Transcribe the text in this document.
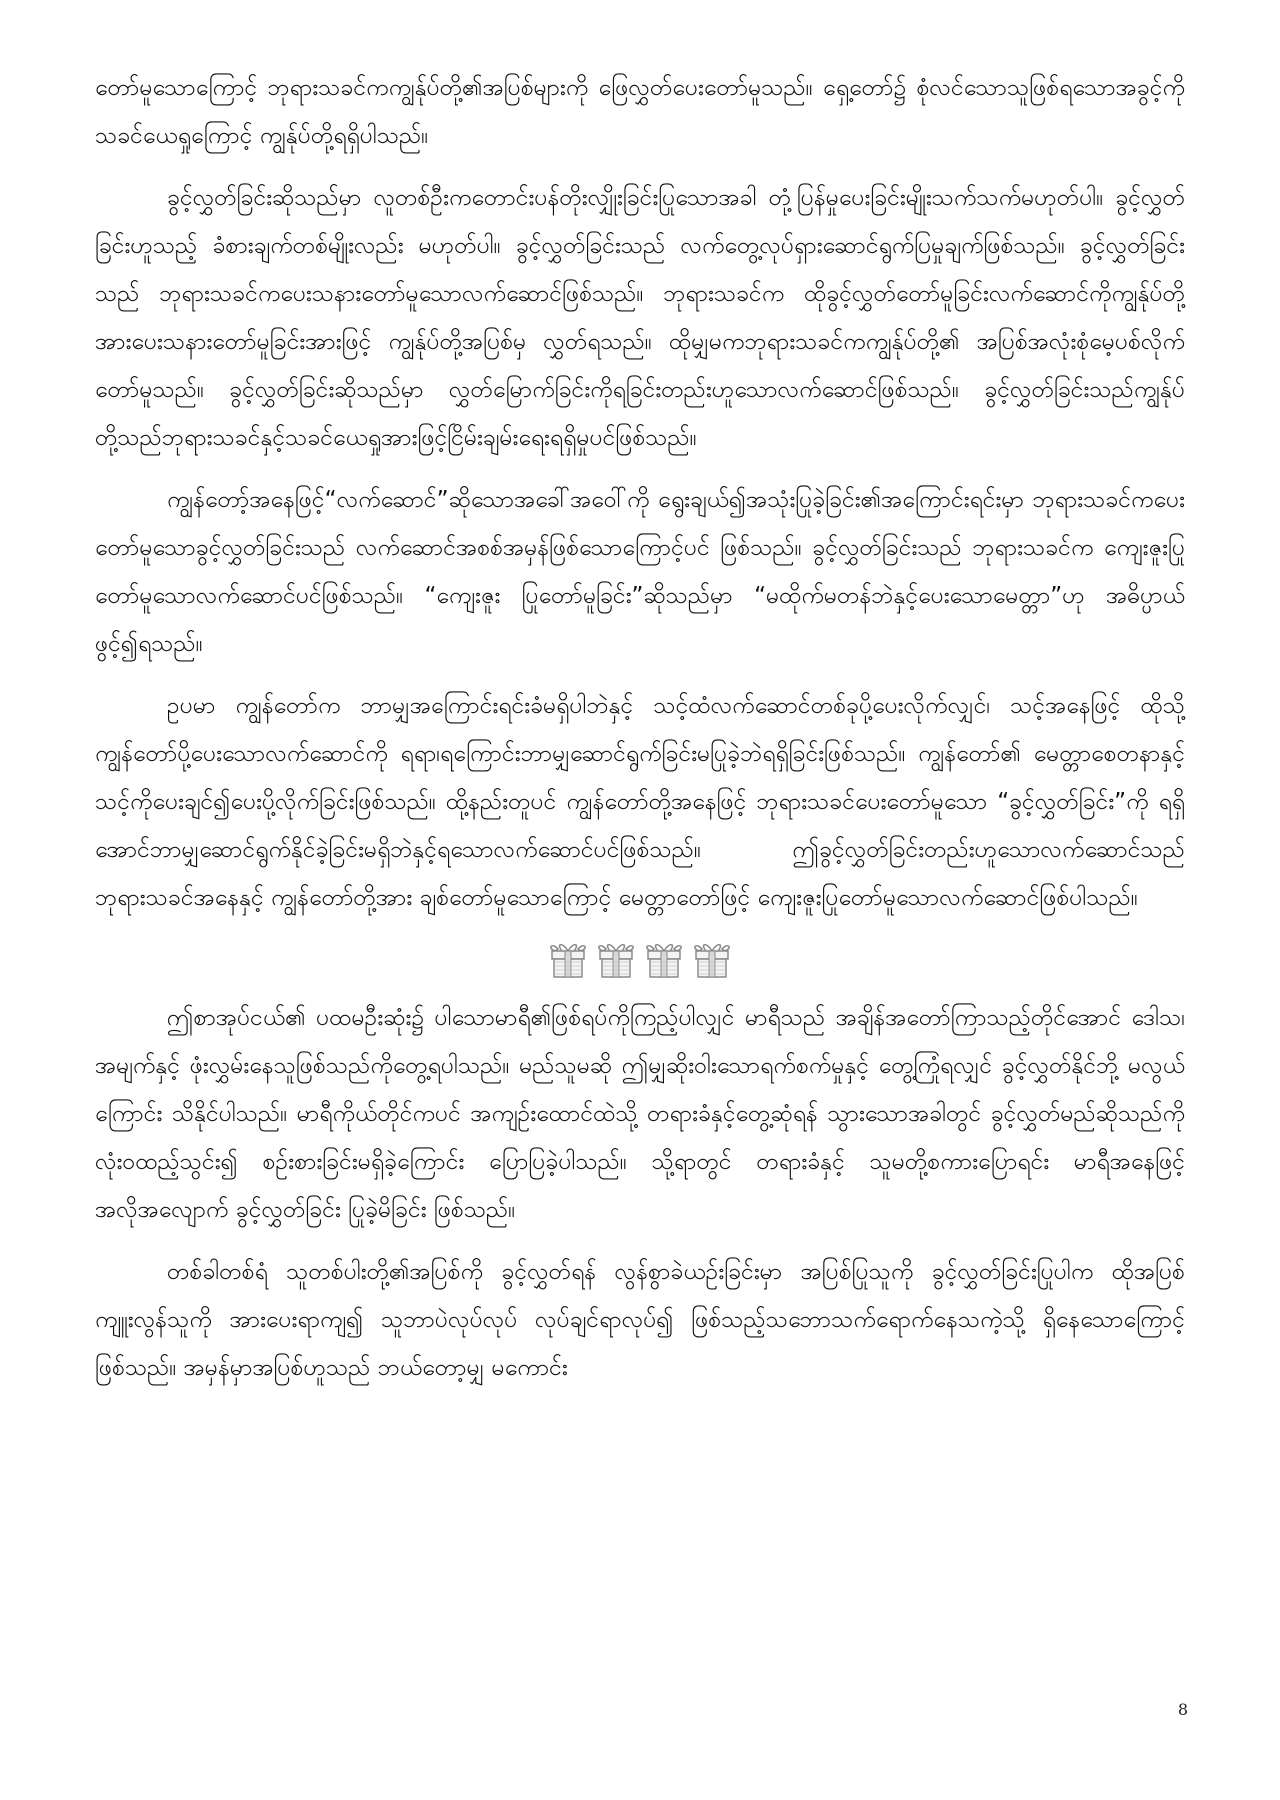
တော်မူသောကြောင့် ဘုရားသခင်ကကျွန်ုပ်တို့၏အပြစ်များကို ဖြေလွှတ်ပေးတော်မူသည်။ ရှေ့တော်၌ စုံလင်သောသူဖြစ်ရသောအခွင့်ကို သခင်ယေရှုကြောင့် ကျွန်ုပ်တို့ရရှိပါသည်။

ခွင့်လွှတ်ခြင်းဆိုသည်မှာ လူတစ်ဦးကတောင်းပန်တိုးလျှိုးခြင်းပြုသောအခါ တုံ့ပြန်မှုပေးခြင်းမျိုးသက်သက်မဟုတ်ပါ။ ခွင့်လွှတ်ခြင်းဟူသည့် ခံစားချက်တစ်မျိုးလည်း မဟုတ်ပါ။ ခွင့်လွှတ်ခြင်းသည် လက်တွေ့လုပ်ရှားဆောင်ရွက်ပြမှုချက်ဖြစ်သည်။ ခွင့်လွှတ်ခြင်းသည် ဘုရားသခင်ကပေးသနားတော်မူသောလက်ဆောင်ဖြစ်သည်။ ဘုရားသခင်က ထိုခွင့်လွှတ်တော်မူခြင်းလက်ဆောင်ကိုကျွန်ုပ်တို့အားပေးသနားတော်မူခြင်းအားဖြင့် ကျွန်ုပ်တို့အပြစ်မှ လွှတ်ရသည်။ ထိုမျှမကဘုရားသခင်ကကျွန်ုပ်တို့၏ အပြစ်အလုံးစုံမေ့ပစ်လိုက်တော်မူသည်။ ခွင့်လွှတ်ခြင်းဆိုသည်မှာ လွှတ်မြောက်ခြင်းကိုရခြင်းတည်းဟူသောလက်ဆောင်ဖြစ်သည်။ ခွင့်လွှတ်ခြင်းသည်ကျွန်ုပ်တို့သည်ဘုရားသခင်နှင့်သခင်ယေရှုအားဖြင့်ငြိမ်းချမ်းရေးရရှိမှုပင်ဖြစ်သည်။

ကျွန်တော့်အနေဖြင့်“လက်ဆောင်”ဆိုသောအခေါ်အဝေါ်ကို ရွေးချယ်၍အသုံးပြုခဲ့ခြင်း၏အကြောင်းရင်းမှာ ဘုရားသခင်ကပေးတော်မူသောခွင့်လွှတ်ခြင်းသည် လက်ဆောင်အစစ်အမှန်ဖြစ်သောကြောင့်ပင် ဖြစ်သည်။ ခွင့်လွှတ်ခြင်းသည် ဘုရားသခင်က ကျေးဇူးပြုတော်မူသောလက်ဆောင်ပင်ဖြစ်သည်။ “ကျေးဇူး ပြုတော်မူခြင်း”ဆိုသည်မှာ “မထိုက်မတန်ဘဲနှင့်ပေးသောမေတ္တာ”ဟု အဓိပ္ပာယ်ဖွင့်၍ရသည်။

ဥပမာ ကျွန်တော်က ဘာမျှအကြောင်းရင်းခံမရှိပါဘဲနှင့် သင့်ထံလက်ဆောင်တစ်ခုပို့ပေးလိုက်လျှင်၊ သင့်အနေဖြင့် ထိုသို့ကျွန်တော်ပို့ပေးသောလက်ဆောင်ကို ရရာ၊ရကြောင်းဘာမျှဆောင်ရွက်ခြင်းမပြုခဲ့ဘဲရရှိခြင်းဖြစ်သည်။ ကျွန်တော်၏ မေတ္တာစေတနာနှင့် သင့်ကိုပေးချင်၍ပေးပို့လိုက်ခြင်းဖြစ်သည်။ ထို့နည်းတူပင် ကျွန်တော်တို့အနေဖြင့် ဘုရားသခင်ပေးတော်မူသော “ခွင့်လွှတ်ခြင်း”ကို ရရှိအောင်ဘာမျှဆောင်ရွက်နိုင်ခဲ့ခြင်းမရှိဘဲနှင့်ရသောလက်ဆောင်ပင်ဖြစ်သည်။ ဤခွင့်လွှတ်ခြင်းတည်းဟူသောလက်ဆောင်သည် ဘုရားသခင်အနေနှင့် ကျွန်တော်တို့အား ချစ်တော်မူသောကြောင့် မေတ္တာတော်ဖြင့် ကျေးဇူးပြုတော်မူသောလက်ဆောင်ဖြစ်ပါသည်။

ဤစာအုပ်ငယ်၏ ပထမဦးဆုံး၌ ပါသောမာရီ၏ဖြစ်ရပ်ကိုကြည့်ပါလျှင် မာရီသည် အချိန်အတော်ကြာသည့်တိုင်အောင် ဒေါသ၊ အမျက်နှင့် ဖုံးလွှမ်းနေသူဖြစ်သည်ကိုတွေ့ရပါသည်။ မည်သူမဆို ဤမျှဆိုးဝါးသောရက်စက်မှုနှင့် တွေ့ကြုံရလျှင် ခွင့်လွှတ်နိုင်ဘို့ မလွယ်ကြောင်း သိနိုင်ပါသည်။ မာရီကိုယ်တိုင်ကပင် အကျဉ်းထောင်ထဲသို့ တရားခံနှင့်တွေ့ဆုံရန် သွားသောအခါတွင် ခွင့်လွှတ်မည်ဆိုသည်ကို လုံးဝထည့်သွင်း၍ စဉ်းစားခြင်းမရှိခဲ့ကြောင်း ပြောပြခဲ့ပါသည်။ သို့ရာတွင် တရားခံနှင့် သူမတို့စကားပြောရင်း မာရီအနေဖြင့် အလိုအလျောက် ခွင့်လွှတ်ခြင်း ပြုခဲ့မိခြင်း ဖြစ်သည်။

တစ်ခါတစ်ရံ သူတစ်ပါးတို့၏အပြစ်ကို ခွင့်လွှတ်ရန် လွန်စွာခဲယဉ်းခြင်းမှာ အပြစ်ပြုသူကို ခွင့်လွှတ်ခြင်းပြုပါက ထိုအပြစ်ကျူးလွန်သူကို အားပေးရာကျ၍ သူဘာပဲလုပ်လုပ် လုပ်ချင်ရာလုပ်၍ ဖြစ်သည့်သဘောသက်ရောက်နေသကဲ့သို့ ရှိနေသောကြောင့်ဖြစ်သည်။ အမှန်မှာအပြစ်ဟူသည် ဘယ်တော့မျှ မကောင်း

8
